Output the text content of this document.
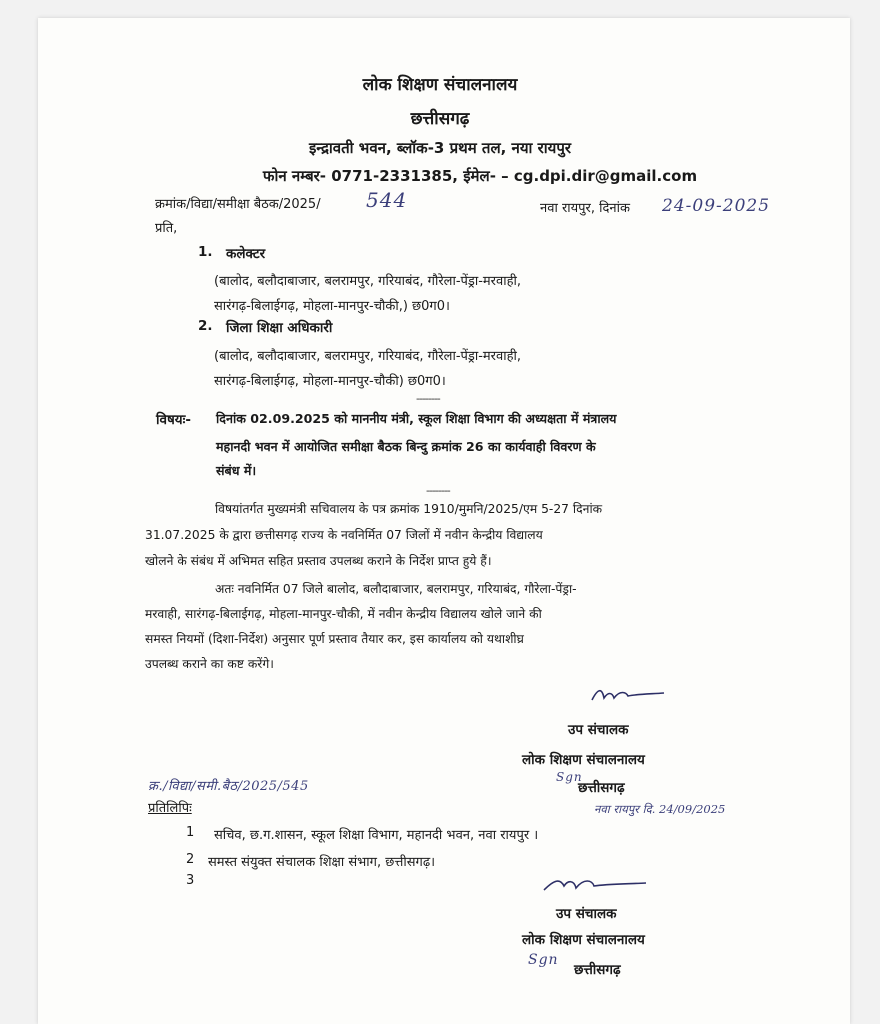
लोक शिक्षण संचालनालय
छत्तीसगढ़
इन्द्रावती भवन, ब्लॉक-3 प्रथम तल, नया रायपुर
फोन नम्बर- 0771-2331385, ईमेल- – cg.dpi.dir@gmail.com
क्रमांक/विद्या/समीक्षा बैठक/2025/ 544	नवा रायपुर, दिनांक 24-09-2025
प्रति,
1. कलेक्टर
(बालोद, बलौदाबाजार, बलरामपुर, गरियाबंद, गौरेला-पेंड्रा-मरवाही,
सारंगढ़-बिलाईगढ़, मोहला-मानपुर-चौकी,) छ0ग0।
2. जिला शिक्षा अधिकारी
(बालोद, बलौदाबाजार, बलरामपुर, गरियाबंद, गौरेला-पेंड्रा-मरवाही,
सारंगढ़-बिलाईगढ़, मोहला-मानपुर-चौकी) छ0ग0।
--------
विषयः- दिनांक 02.09.2025 को माननीय मंत्री, स्कूल शिक्षा विभाग की अध्यक्षता में मंत्रालय
महानदी भवन में आयोजित समीक्षा बैठक बिन्दु क्रमांक 26 का कार्यवाही विवरण के
संबंध में।
--------
विषयांतर्गत मुख्यमंत्री सचिवालय के पत्र क्रमांक 1910/मुमनि/2025/एम 5-27 दिनांक
31.07.2025 के द्वारा छत्तीसगढ़ राज्य के नवनिर्मित 07 जिलों में नवीन केन्द्रीय विद्यालय
खोलने के संबंध में अभिमत सहित प्रस्ताव उपलब्ध कराने के निर्देश प्राप्त हुये हैं।
अतः नवनिर्मित 07 जिले बालोद, बलौदाबाजार, बलरामपुर, गरियाबंद, गौरेला-पेंड्रा-
मरवाही, सारंगढ़-बिलाईगढ़, मोहला-मानपुर-चौकी, में नवीन केन्द्रीय विद्यालय खोले जाने की
समस्त नियमों (दिशा-निर्देश) अनुसार पूर्ण प्रस्ताव तैयार कर, इस कार्यालय को यथाशीघ्र
उपलब्ध कराने का कष्ट करेंगे।
उप संचालक
लोक शिक्षण संचालनालय
Sgn
छत्तीसगढ़
क्र./विद्या/समी.बैठ/2025/545
नवा रायपुर दि. 24/09/2025
प्रतिलिपिः
1 सचिव, छ.ग.शासन, स्कूल शिक्षा विभाग, महानदी भवन, नवा रायपुर ।
2 समस्त संयुक्त संचालक शिक्षा संभाग, छत्तीसगढ़।
3
उप संचालक
लोक शिक्षण संचालनालय
Sgn
छत्तीसगढ़
